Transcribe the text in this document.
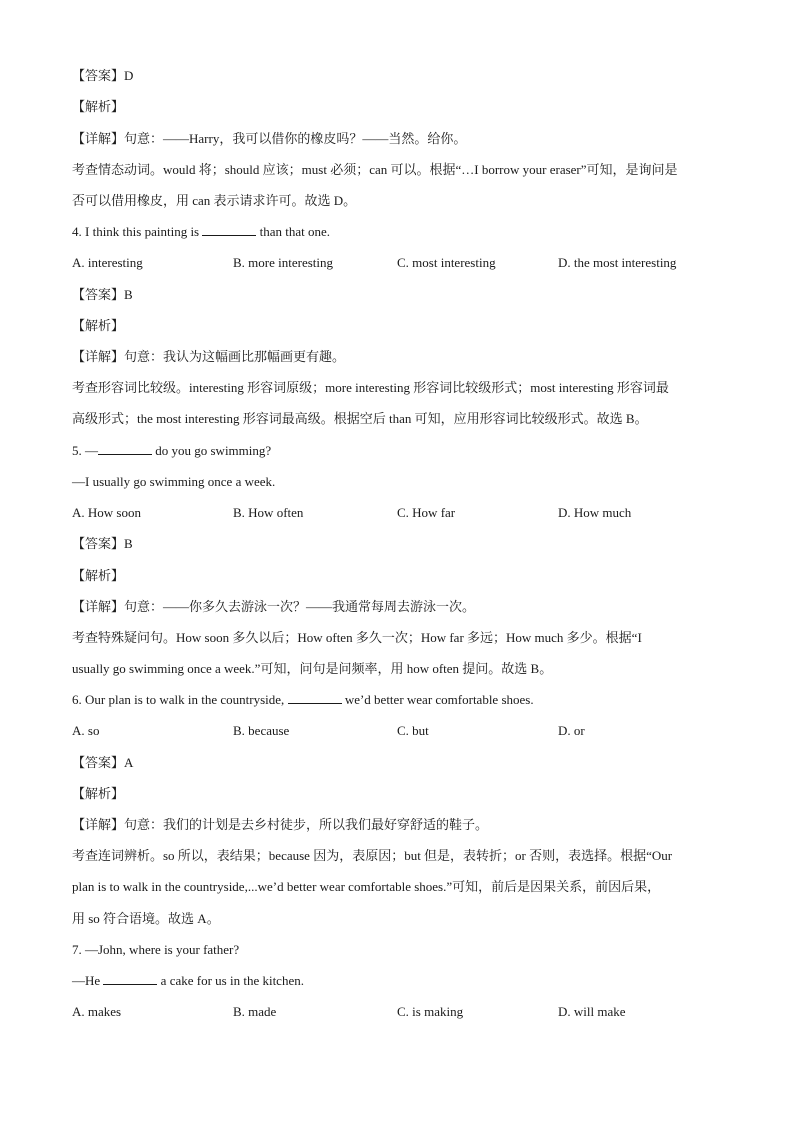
【答案】D
【解析】
【详解】句意：——Harry，我可以借你的橡皮吗？——当然。给你。
考查情态动词。would 将；should 应该；must 必须；can 可以。根据“…I borrow your eraser”可知，是询问是
否可以借用橡皮，用 can 表示请求许可。故选 D。
4. I think this painting is	than that one.
A. interesting	B. more interesting	C. most interesting	D. the most interesting
【答案】B
【解析】
【详解】句意：我认为这幅画比那幅画更有趣。
考查形容词比较级。interesting 形容词原级；more interesting 形容词比较级形式；most interesting 形容词最
高级形式；the most interesting 形容词最高级。根据空后 than 可知，应用形容词比较级形式。故选 B。
5. —	do you go swimming?
—I usually go swimming once a week.
A. How soon	B. How often	C. How far	D. How much
【答案】B
【解析】
【详解】句意：——你多久去游泳一次？——我通常每周去游泳一次。
考查特殊疑问句。How soon 多久以后；How often 多久一次；How far 多远；How much 多少。根据“I
usually go swimming once a week.”可知，问句是问频率，用 how often 提问。故选 B。
6. Our plan is to walk in the countryside,	we’d better wear comfortable shoes.
A. so	B. because	C. but	D. or
【答案】A
【解析】
【详解】句意：我们的计划是去乡村徒步，所以我们最好穿舒适的鞋子。
考查连词辨析。so 所以，表结果；because 因为，表原因；but 但是，表转折；or 否则，表选择。根据“Our
plan is to walk in the countryside,...we’d better wear comfortable shoes.”可知，前后是因果关系，前因后果，
用 so 符合语境。故选 A。
7. —John, where is your father?
—He	a cake for us in the kitchen.
A. makes	B. made	C. is making	D. will make
